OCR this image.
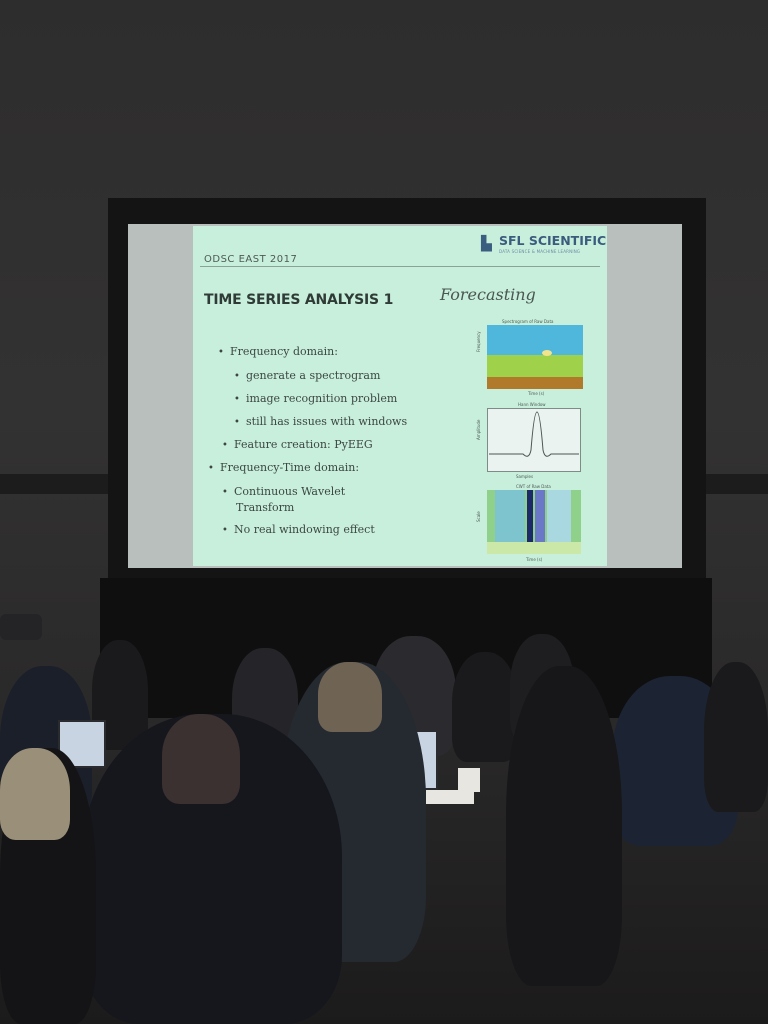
ODSC EAST 2017
▙ SFL SCIENTIFIC
DATA SCIENCE & MACHINE LEARNING
TIME SERIES ANALYSIS 1	Forecasting
• Frequency domain:
• generate a spectrogram
• image recognition problem
• still has issues with windows
• Feature creation: PyEEG
• Frequency-Time domain:
• Continuous Wavelet
Transform
• No real windowing effect
Spectrogram of Raw Data
Time (s)
Frequency
Hann Window
Samples
Amplitude
CWT of Raw Data
Time (s)
Scale
